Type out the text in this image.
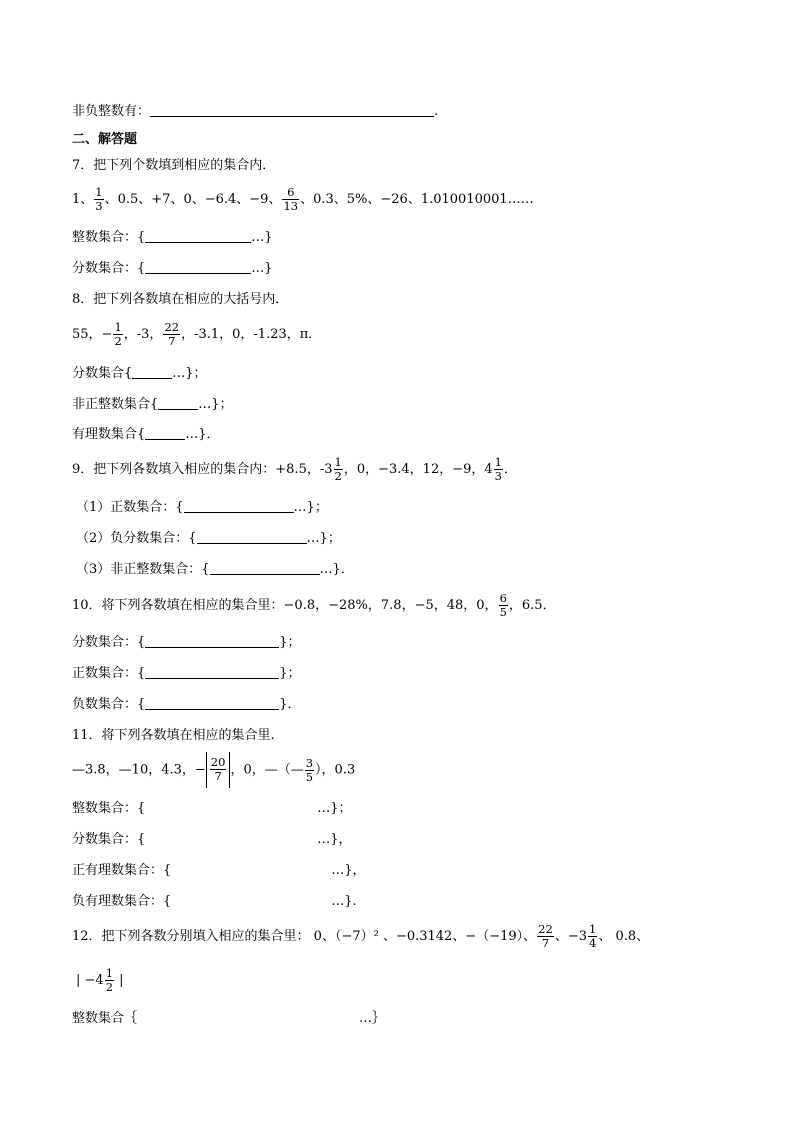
非负整数有：	.
二、解答题
7．把下列个数填到相应的集合内．
1、 $\frac{1}{3}$ 、0.5、+7、0、−6.4、−9、 $\frac{6}{13}$ 、0.3、5%、−26、1.010010001……
整数集合：{	…}
分数集合：{	…}
8．把下列各数填在相应的大括号内．
55，− $\frac{1}{2}$ ，-3， $\frac{22}{7}$ ，-3.1，0，-1.· 23，π．
分数集合{	…}；
非正整数集合{	…}；
有理数集合{	…}．
9．把下列各数填入相应的集合内：+8.5，$-3 \frac{1}{2}$ ，0，−3.4，12，−9，$4 \frac{1}{3}$ ．
（1）正数集合：{	…}；
（2）负分数集合：{	…}；
（3）非正整数集合：{	…}．
10．将下列各数填在相应的集合里：−0.8，−28%，7.8，−5，48，0， $\frac{6}{5}$ ，6.5．
分数集合：{	}；
正数集合：{	}；
负数集合：{	}．
11．将下列各数填在相应的集合里.
—3.8，—10，4.3，− $\frac{20}{7}$ ，0，—（— $\frac{3}{5}$ ），0.3
整数集合：{	…}；
分数集合：{	…}，
正有理数集合：{	…}，
负有理数集合：{	…}.
12．把下列各数分别填入相应的集合里： 0、（−7）² 、−0.3142、−（−19）、 $\frac{22}{7}$ 、$-3 \frac{1}{4}$ 、 0.8、
| $-4 \frac{1}{2}$ |
整数集合｛	…｝
